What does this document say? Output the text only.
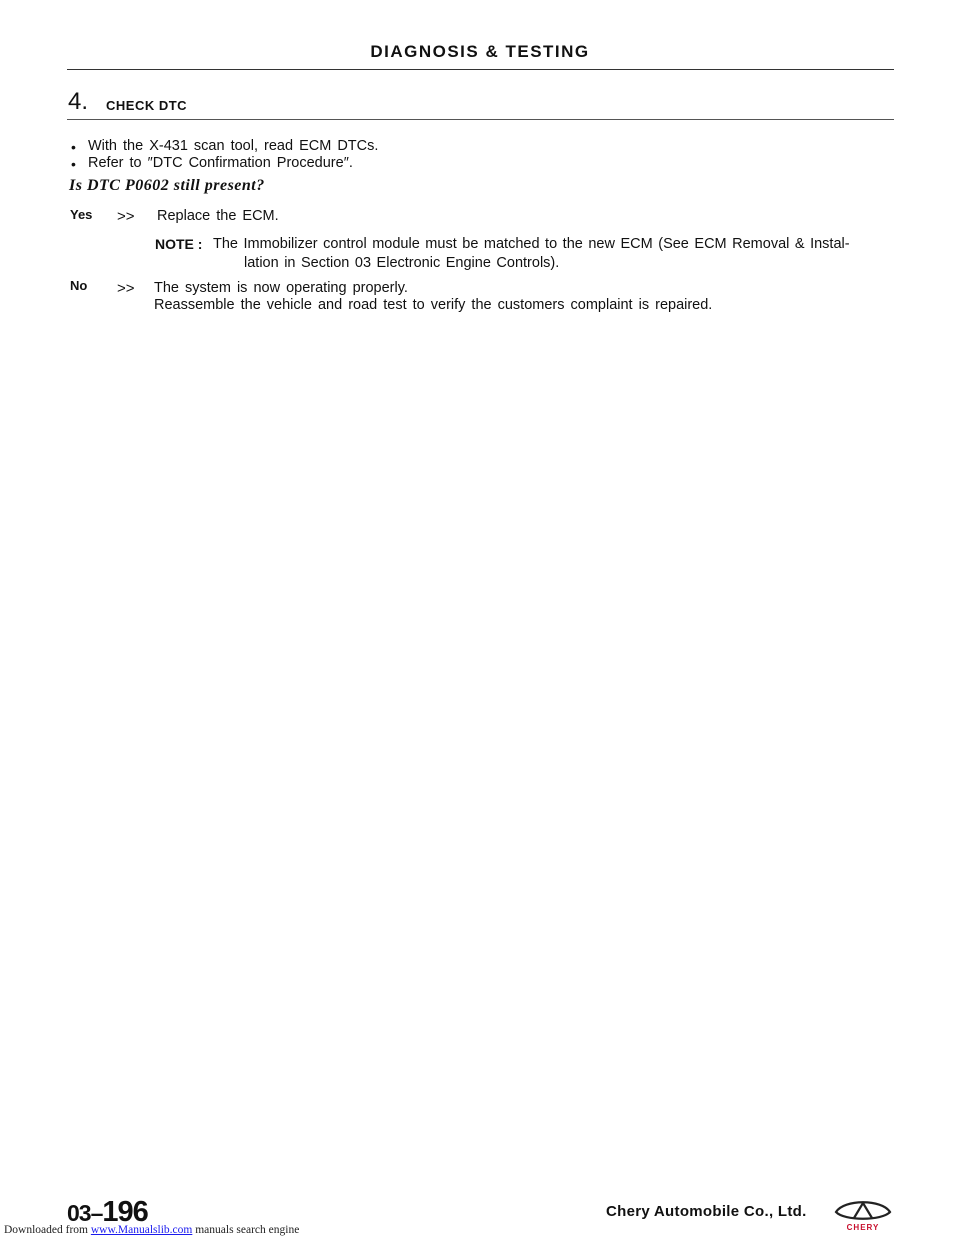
DIAGNOSIS & TESTING
4. CHECK DTC
• With the X-431 scan tool, read ECM DTCs.
• Refer to ″DTC Confirmation Procedure″.
Is DTC P0602 still present?
Yes >> Replace the ECM.
NOTE : The Immobilizer control module must be matched to the new ECM (See ECM Removal & Instal-
lation in Section 03 Electronic Engine Controls).
No >> The system is now operating properly.
Reassemble the vehicle and road test to verify the customers complaint is repaired.
03–196	Chery Automobile Co., Ltd.
CHERY
Downloaded from www.Manualslib.com manuals search engine
